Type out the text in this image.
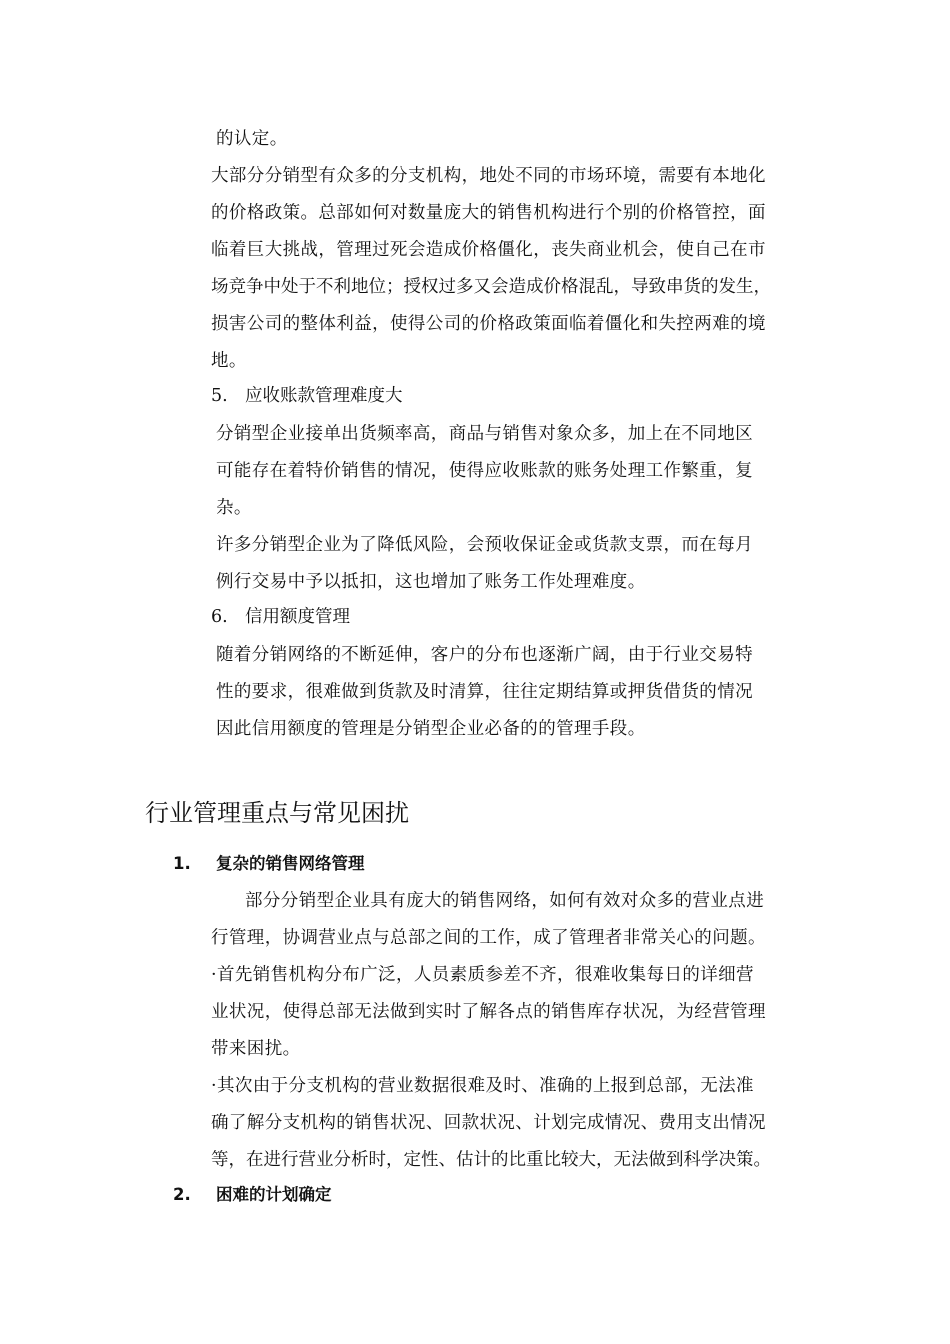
的认定。
大部分分销型有众多的分支机构，地处不同的市场环境，需要有本地化
的价格政策。总部如何对数量庞大的销售机构进行个别的价格管控，面
临着巨大挑战，管理过死会造成价格僵化，丧失商业机会，使自己在市
场竞争中处于不利地位；授权过多又会造成价格混乱，导致串货的发生，
损害公司的整体利益，使得公司的价格政策面临着僵化和失控两难的境
地。
5. 应收账款管理难度大
分销型企业接单出货频率高，商品与销售对象众多，加上在不同地区
可能存在着特价销售的情况，使得应收账款的账务处理工作繁重，复
杂。
许多分销型企业为了降低风险，会预收保证金或货款支票，而在每月
例行交易中予以抵扣，这也增加了账务工作处理难度。
6. 信用额度管理
随着分销网络的不断延伸，客户的分布也逐渐广阔，由于行业交易特
性的要求，很难做到货款及时清算，往往定期结算或押货借货的情况
因此信用额度的管理是分销型企业必备的的管理手段。
行业管理重点与常见困扰
1. 复杂的销售网络管理
部分分销型企业具有庞大的销售网络，如何有效对众多的营业点进
行管理，协调营业点与总部之间的工作，成了管理者非常关心的问题。
·首先销售机构分布广泛，人员素质参差不齐，很难收集每日的详细营
业状况，使得总部无法做到实时了解各点的销售库存状况，为经营管理
带来困扰。
·其次由于分支机构的营业数据很难及时、准确的上报到总部，无法准
确了解分支机构的销售状况、回款状况、计划完成情况、费用支出情况
等，在进行营业分析时，定性、估计的比重比较大，无法做到科学决策。
2. 困难的计划确定
